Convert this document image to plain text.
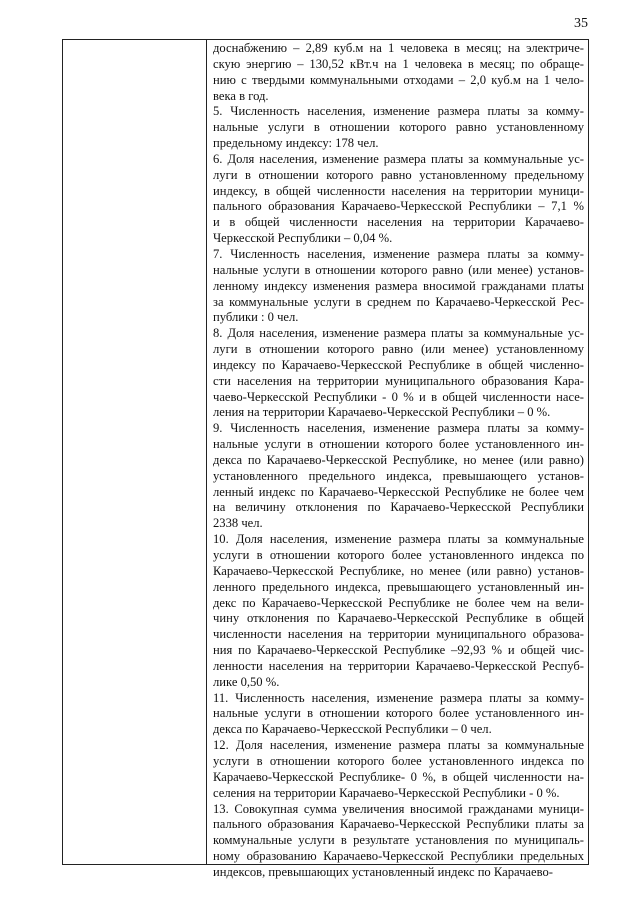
35
доснабжению – 2,89 куб.м на 1 человека в месяц; на электриче-
скую энергию – 130,52 кВт.ч на 1 человека в месяц; по обраще-
нию с твердыми коммунальными отходами – 2,0 куб.м на 1 чело-
века в год.
5. Численность населения, изменение размера платы за комму-
нальные услуги в отношении которого равно установленному
предельному индексу: 178 чел.
6. Доля населения, изменение размера платы за коммунальные ус-
луги в отношении которого равно установленному предельному
индексу, в общей численности населения на территории муници-
пального образования Карачаево-Черкесской Республики – 7,1 %
и в общей численности населения на территории Карачаево-
Черкесской Республики – 0,04 %.
7. Численность населения, изменение размера платы за комму-
нальные услуги в отношении которого равно (или менее) установ-
ленному индексу изменения размера вносимой гражданами платы
за коммунальные услуги в среднем по Карачаево-Черкесской Рес-
публики : 0 чел.
8. Доля населения, изменение размера платы за коммунальные ус-
луги в отношении которого равно (или менее) установленному
индексу по Карачаево-Черкесской Республике в общей численно-
сти населения на территории муниципального образования Кара-
чаево-Черкесской Республики - 0 % и в общей численности насе-
ления на территории Карачаево-Черкесской Республики – 0 %.
9. Численность населения, изменение размера платы за комму-
нальные услуги в отношении которого более установленного ин-
декса по Карачаево-Черкесской Республике, но менее (или равно)
установленного предельного индекса, превышающего установ-
ленный индекс по Карачаево-Черкесской Республике не более чем
на величину отклонения по Карачаево-Черкесской Республики
2338 чел.
10. Доля населения, изменение размера платы за коммунальные
услуги в отношении которого более установленного индекса по
Карачаево-Черкесской Республике, но менее (или равно) установ-
ленного предельного индекса, превышающего установленный ин-
декс по Карачаево-Черкесской Республике не более чем на вели-
чину отклонения по Карачаево-Черкесской Республике в общей
численности населения на территории муниципального образова-
ния по Карачаево-Черкесской Республике –92,93 % и общей чис-
ленности населения на территории Карачаево-Черкесской Респуб-
лике 0,50 %.
11. Численность населения, изменение размера платы за комму-
нальные услуги в отношении которого более установленного ин-
декса по Карачаево-Черкесской Республики – 0 чел.
12. Доля населения, изменение размера платы за коммунальные
услуги в отношении которого более установленного индекса по
Карачаево-Черкесской Республике- 0 %, в общей численности на-
селения на территории Карачаево-Черкесской Республики - 0 %.
13. Совокупная сумма увеличения вносимой гражданами муници-
пального образования Карачаево-Черкесской Республики платы за
коммунальные услуги в результате установления по муниципаль-
ному образованию Карачаево-Черкесской Республики предельных
индексов, превышающих установленный индекс по Карачаево-
